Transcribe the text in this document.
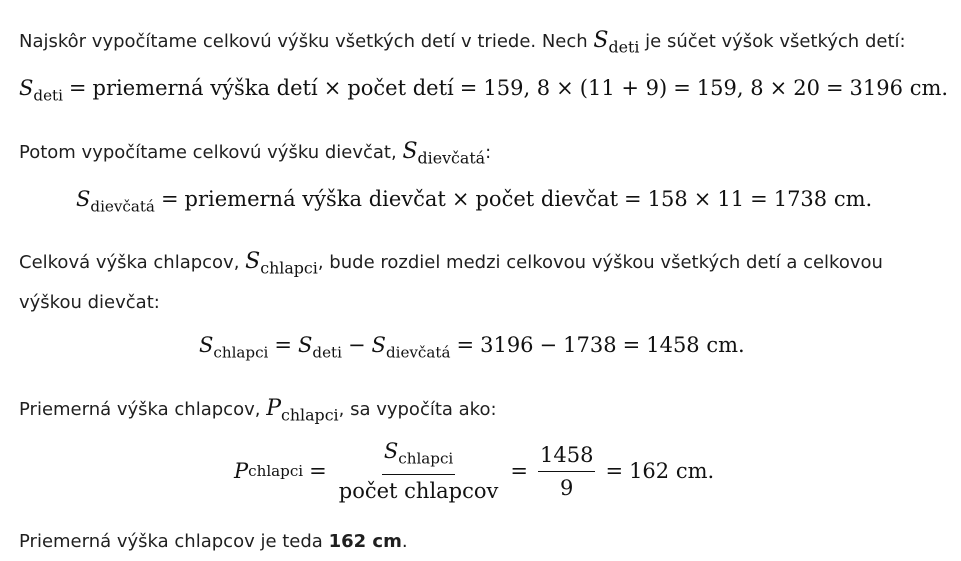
Najskôr vypočítame celkovú výšku všetkých detí v triede. Nech $S_{deti}$ je súčet výšok všetkých detí:
$S_{deti}$ = priemerná výška detí × počet detí = 159, 8 × (11 + 9) = 159, 8 × 20 = 3196 cm.
Potom vypočítame celkovú výšku dievčat, $S_{dievčatá}$:
$S_{dievčatá}$ = priemerná výška dievčat × počet dievčat = 158 × 11 = 1738 cm.
Celková výška chlapcov, $S_{chlapci}$, bude rozdiel medzi celkovou výškou všetkých detí a celkovou
výškou dievčat:
$S_{chlapci} = S_{deti} - S_{dievčatá} = 3196 - 1738 = 1458$ cm.
Priemerná výška chlapcov, $P_{chlapci}$, sa vypočíta ako:
P chlapci = $\frac{S_{chlapci}}{\text{počet chlapcov}} = \frac{1458}{9} = 162$
cm.
Priemerná výška chlapcov je teda 162 cm.
